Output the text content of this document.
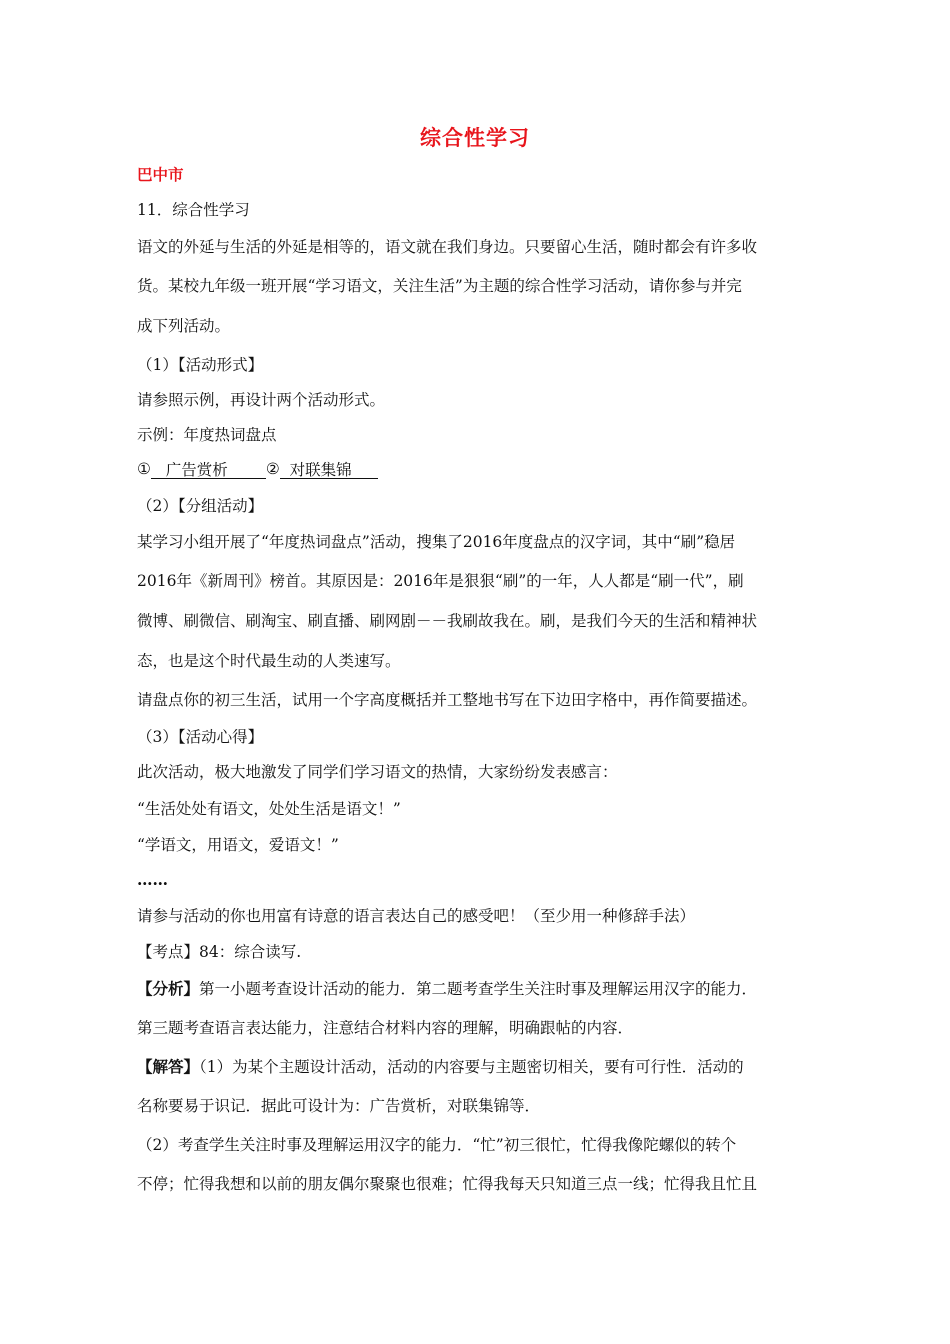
综合性学习
巴中市
11．综合性学习
语文的外延与生活的外延是相等的，语文就在我们身边。只要留心生活，随时都会有许多收
货。某校九年级一班开展“学习语文，关注生活”为主题的综合性学习活动，请你参与并完
成下列活动。
（1）【活动形式】
请参照示例，再设计两个活动形式。
示例：年度热词盘点
① 广告赏析 ② 对联集锦
（2）【分组活动】
某学习小组开展了“年度热词盘点”活动，搜集了2016年度盘点的汉字词，其中“刷”稳居
2016年《新周刊》榜首。其原因是：2016年是狠狠“刷”的一年，人人都是“刷一代”，刷
微博、刷微信、刷淘宝、刷直播、刷网剧－－我刷故我在。刷，是我们今天的生活和精神状
态，也是这个时代最生动的人类速写。
请盘点你的初三生活，试用一个字高度概括并工整地书写在下边田字格中，再作简要描述。
（3）【活动心得】
此次活动，极大地激发了同学们学习语文的热情，大家纷纷发表感言：
“生活处处有语文，处处生活是语文！”
“学语文，用语文，爱语文！”
……
请参与活动的你也用富有诗意的语言表达自己的感受吧！（至少用一种修辞手法）
【考点】84：综合读写.
【分析】第一小题考查设计活动的能力．第二题考查学生关注时事及理解运用汉字的能力．
第三题考查语言表达能力，注意结合材料内容的理解，明确跟帖的内容．
【解答】（1）为某个主题设计活动，活动的内容要与主题密切相关，要有可行性．活动的
名称要易于识记．据此可设计为：广告赏析，对联集锦等．
（2）考查学生关注时事及理解运用汉字的能力．“忙”初三很忙，忙得我像陀螺似的转个
不停；忙得我想和以前的朋友偶尔聚聚也很难；忙得我每天只知道三点一线；忙得我且忙且
